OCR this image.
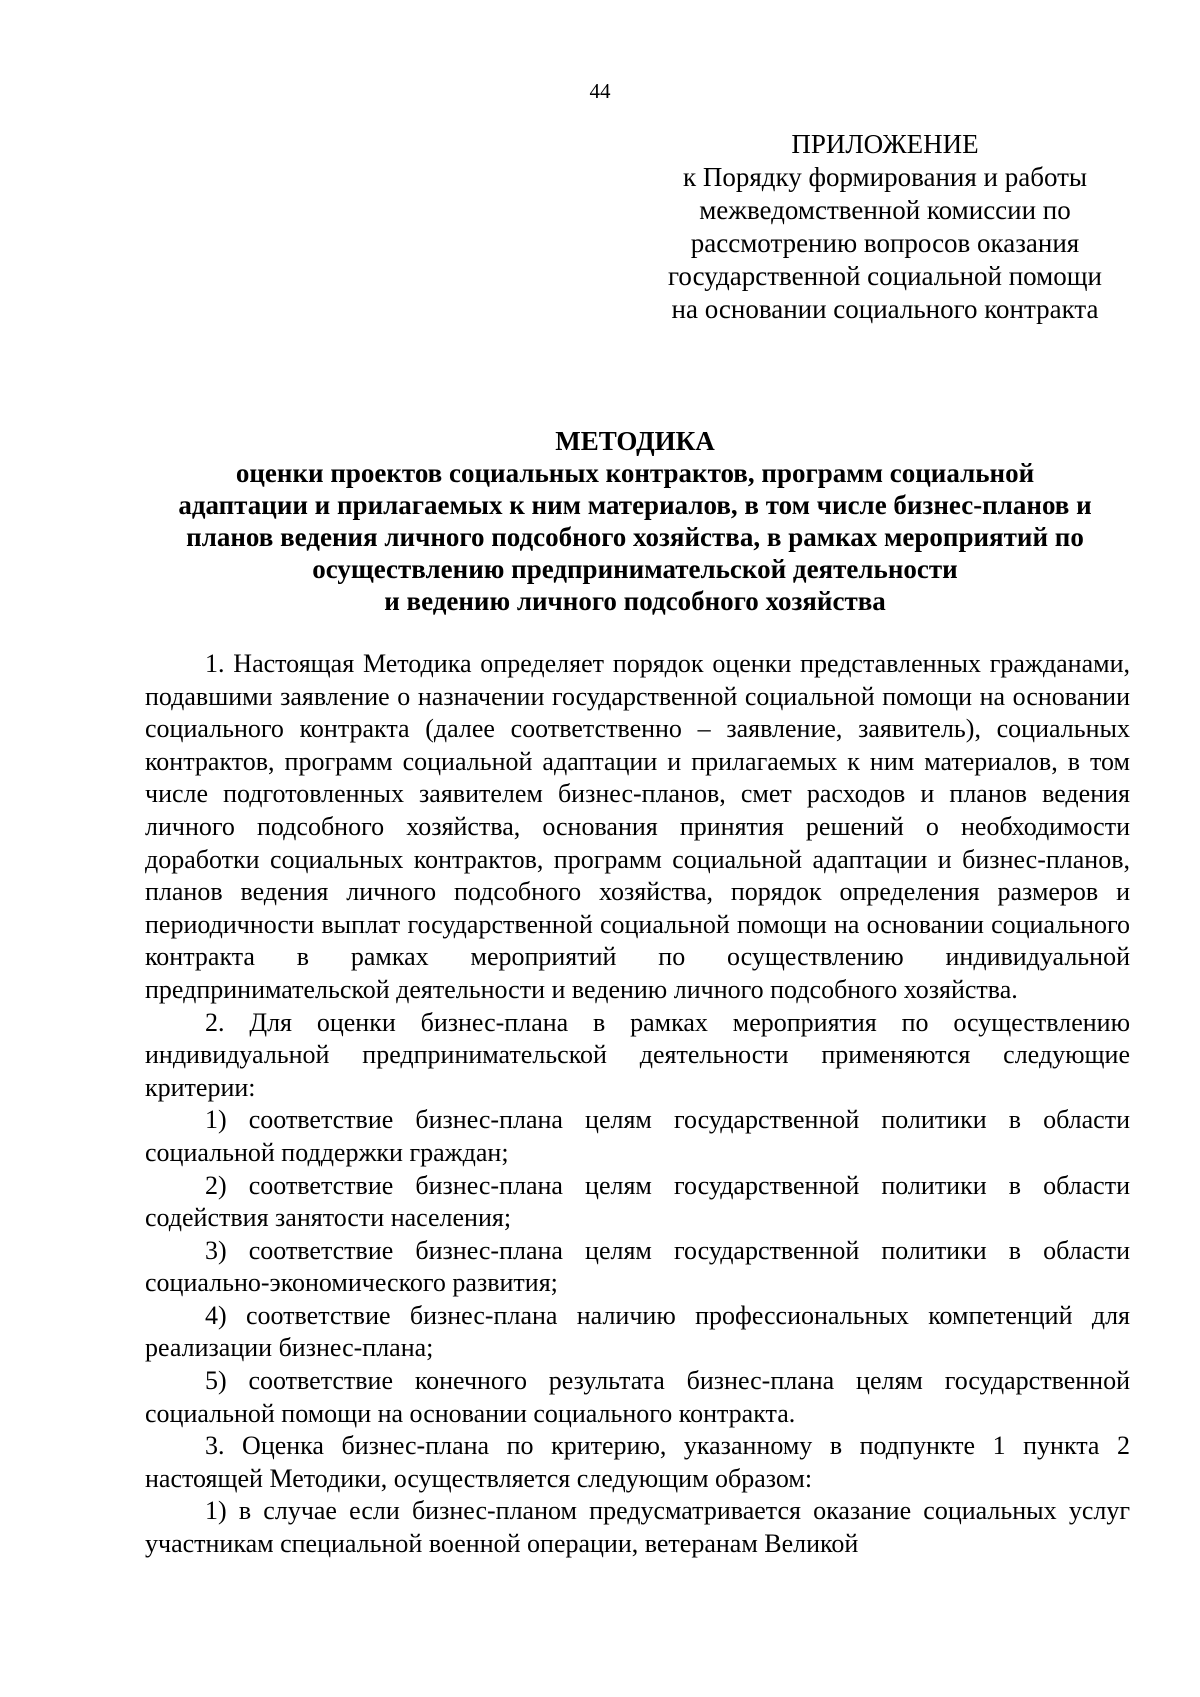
44
ПРИЛОЖЕНИЕ
к Порядку формирования и работы
межведомственной комиссии по
рассмотрению вопросов оказания
государственной социальной помощи
на основании социального контракта
МЕТОДИКА
оценки проектов социальных контрактов, программ социальной
адаптации и прилагаемых к ним материалов, в том числе бизнес-планов и
планов ведения личного подсобного хозяйства, в рамках мероприятий по
осуществлению предпринимательской деятельности
и ведению личного подсобного хозяйства

1. Настоящая Методика определяет порядок оценки представленных гражданами, подавшими заявление о назначении государственной социальной помощи на основании социального контракта (далее соответственно – заявление, заявитель), социальных контрактов, программ социальной адаптации и прилагаемых к ним материалов, в том числе подготовленных заявителем бизнес-планов, смет расходов и планов ведения личного подсобного хозяйства, основания принятия решений о необходимости доработки социальных контрактов, программ социальной адаптации и бизнес-планов, планов ведения личного подсобного хозяйства, порядок определения размеров и периодичности выплат государственной социальной помощи на основании социального контракта в рамках мероприятий по осуществлению индивидуальной предпринимательской деятельности и ведению личного подсобного хозяйства.

2. Для оценки бизнес-плана в рамках мероприятия по осуществлению индивидуальной предпринимательской деятельности применяются следующие критерии:

1) соответствие бизнес-плана целям государственной политики в области социальной поддержки граждан;

2) соответствие бизнес-плана целям государственной политики в области содействия занятости населения;

3) соответствие бизнес-плана целям государственной политики в области социально-экономического развития;

4) соответствие бизнес-плана наличию профессиональных компетенций для реализации бизнес-плана;

5) соответствие конечного результата бизнес-плана целям государственной социальной помощи на основании социального контракта.

3. Оценка бизнес-плана по критерию, указанному в подпункте 1 пункта 2 настоящей Методики, осуществляется следующим образом:

1) в случае если бизнес-планом предусматривается оказание социальных услуг участникам специальной военной операции, ветеранам Великой
